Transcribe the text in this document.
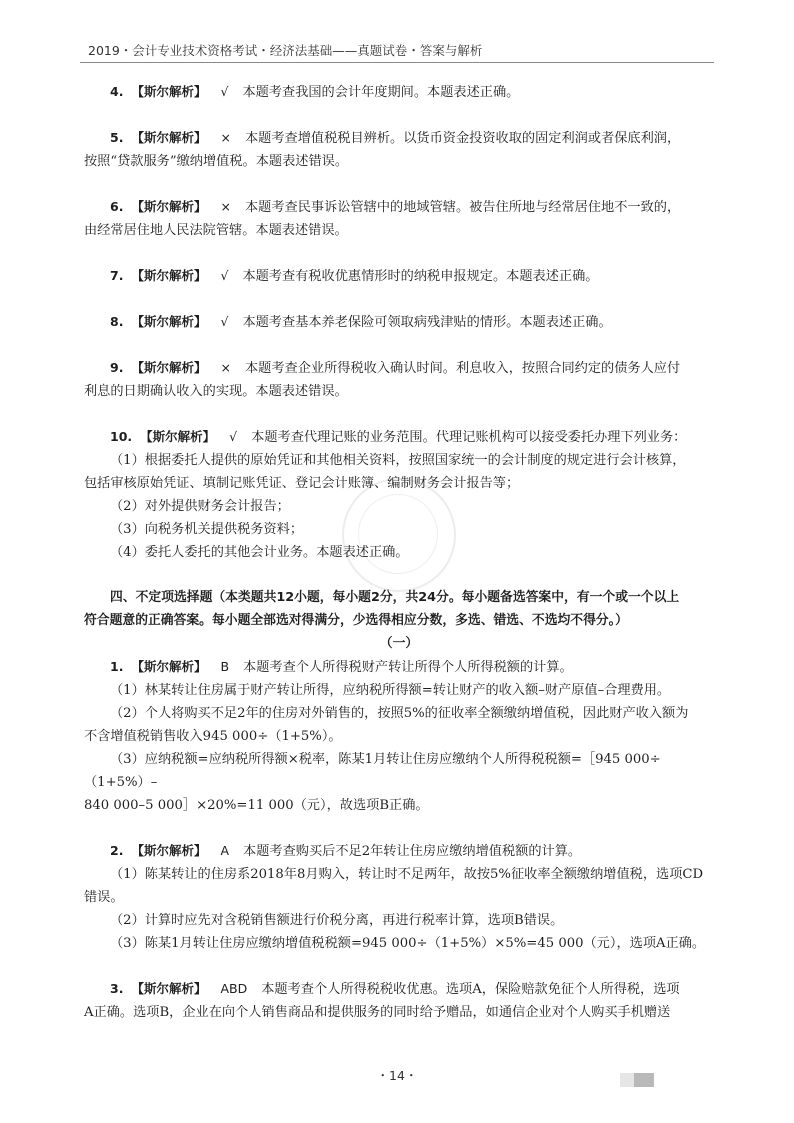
2019・会计专业技术资格考试・经济法基础——真题试卷・答案与解析
4. 【斯尔解析】 √ 本题考查我国的会计年度期间。本题表述正确。
5. 【斯尔解析】 × 本题考查增值税税目辨析。以货币资金投资收取的固定利润或者保底利润，
按照“贷款服务”缴纳增值税。本题表述错误。
6. 【斯尔解析】 × 本题考查民事诉讼管辖中的地域管辖。被告住所地与经常居住地不一致的，
由经常居住地人民法院管辖。本题表述错误。
7. 【斯尔解析】 √ 本题考查有税收优惠情形时的纳税申报规定。本题表述正确。
8. 【斯尔解析】 √ 本题考查基本养老保险可领取病残津贴的情形。本题表述正确。
9. 【斯尔解析】 × 本题考查企业所得税收入确认时间。利息收入，按照合同约定的债务人应付
利息的日期确认收入的实现。本题表述错误。
10. 【斯尔解析】 √ 本题考查代理记账的业务范围。代理记账机构可以接受委托办理下列业务：
（1）根据委托人提供的原始凭证和其他相关资料，按照国家统一的会计制度的规定进行会计核算，
包括审核原始凭证、填制记账凭证、登记会计账簿、编制财务会计报告等；
（2）对外提供财务会计报告；
（3）向税务机关提供税务资料；
（4）委托人委托的其他会计业务。本题表述正确。
四、不定项选择题（本类题共12小题，每小题2分，共24分。每小题备选答案中，有一个或一个以上
符合题意的正确答案。每小题全部选对得满分，少选得相应分数，多选、错选、不选均不得分。）
（一）
1. 【斯尔解析】 B 本题考查个人所得税财产转让所得个人所得税额的计算。
（1）林某转让住房属于财产转让所得，应纳税所得额=转让财产的收入额–财产原值–合理费用。
（2）个人将购买不足2年的住房对外销售的，按照5%的征收率全额缴纳增值税，因此财产收入额为
不含增值税销售收入945 000÷（1+5%）。
（3）应纳税额=应纳税所得额×税率，陈某1月转让住房应缴纳个人所得税税额=［945 000÷（1+5%）–
840 000–5 000］×20%=11 000（元），故选项B正确。
2. 【斯尔解析】 A 本题考查购买后不足2年转让住房应缴纳增值税额的计算。
（1）陈某转让的住房系2018年8月购入，转让时不足两年，故按5%征收率全额缴纳增值税，选项CD
错误。
（2）计算时应先对含税销售额进行价税分离，再进行税率计算，选项B错误。
（3）陈某1月转让住房应缴纳增值税税额=945 000÷（1+5%）×5%=45 000（元），选项A正确。
3. 【斯尔解析】 ABD 本题考查个人所得税税收优惠。选项A，保险赔款免征个人所得税，选项
A正确。选项B，企业在向个人销售商品和提供服务的同时给予赠品，如通信企业对个人购买手机赠送
・14・
